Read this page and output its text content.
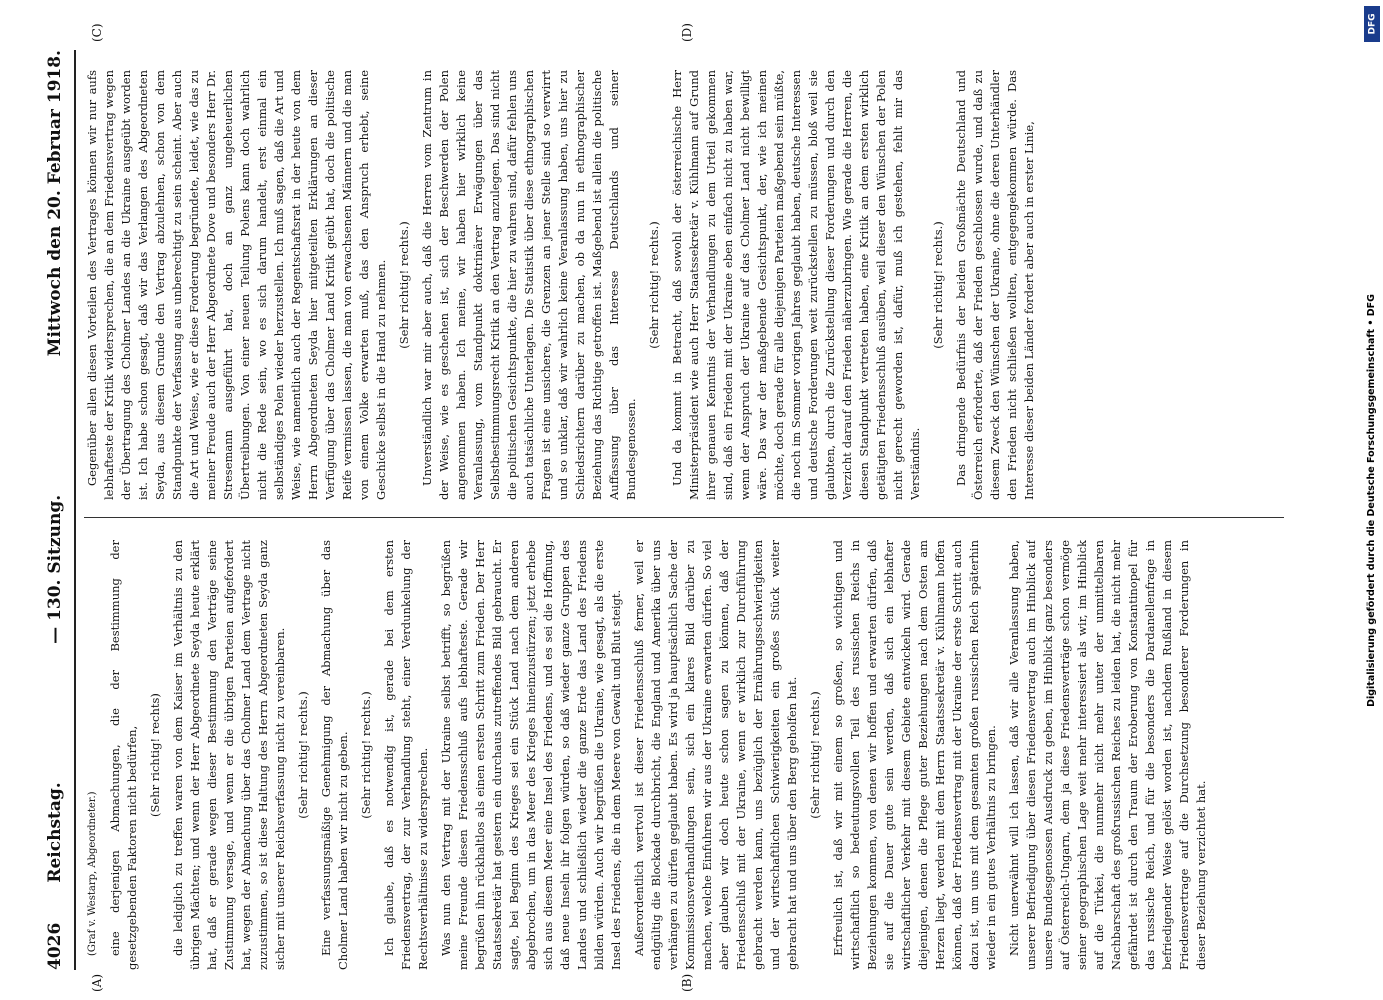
4026
Reichstag.
— 130. Sitzung.
Mittwoch den 20. Februar 1918.

(Graf v. Westarp, Abgeordneter.) eine derjenigen Abmachungen, die der Bestimmung der gesetzgebenden Faktoren nicht bedürfen, (Sehr richtig! rechts) die lediglich zu treffen waren von dem Kaiser im Verhältnis zu den übrigen Mächten; und wenn der Herr Abgeordnete Seyda heute erklärt hat, daß er gerade wegen dieser Bestimmung den Verträge seine Zustimmung versage, und wenn er die übrigen Parteien aufgefordert hat, wegen der Abmachung über das Cholmer Land dem Vertrage nicht zuzustimmen, so ist diese Haltung des Herrn Abgeordneten Seyda ganz sicher mit unserer Reichsverfassung nicht zu vereinbaren. (Sehr richtig! rechts.) Eine verfassungsmäßige Genehmigung der Abmachung über das Cholmer Land haben wir nicht zu geben. (Sehr richtig! rechts.) Ich glaube, daß es notwendig ist, gerade bei dem ersten Friedensvertrag, der zur Verhandlung steht, einer Verdunkelung der Rechtsverhältnisse zu widersprechen. Was nun den Vertrag mit der Ukraine selbst betrifft, so begrüßen meine Freunde diesen Friedensschluß aufs lebhafteste. Gerade wir begrüßen ihn rückhaltlos als einen ersten Schritt zum Frieden. Der Herr Staatssekretär hat gestern ein durchaus zutreffendes Bild gebraucht. Er sagte, bei Beginn des Krieges sei ein Stück Land nach dem anderen abgebrochen, um in das Meer des Krieges hineinzustürzen; jetzt erhebe sich aus diesem Meer eine Insel des Friedens, und es sei die Hoffnung, daß neue Inseln ihr folgen würden, so daß wieder ganze Gruppen des Landes und schließlich wieder die ganze Erde das Land des Friedens bilden würden. Auch wir begrüßen die Ukraine, wie gesagt, als die erste Insel des Friedens, die in dem Meere von Gewalt und Blut steigt. Außerordentlich wertvoll ist dieser Friedensschluß ferner, weil er endgültig die Blockade durchbricht, die England und Amerika über uns verhängen zu dürfen geglaubt haben. Es wird ja hauptsächlich Sache der Kommissionsverhandlungen sein, sich ein klares Bild darüber zu machen, welche Einfuhren wir aus der Ukraine erwarten dürfen. So viel aber glauben wir doch heute schon sagen zu können, daß der Friedensschluß mit der Ukraine, wenn er wirklich zur Durchführung gebracht werden kann, uns bezüglich der Ernährungsschwierigkeiten und der wirtschaftlichen Schwierigkeiten ein großes Stück weiter gebracht hat und uns über den Berg geholfen hat. (Sehr richtig! rechts.) Erfreulich ist, daß wir mit einem so großen, so wichtigen und wirtschaftlich so bedeutungsvollen Teil des russischen Reichs in Beziehungen kommen, von denen wir hoffen und erwarten dürfen, daß sie auf die Dauer gute sein werden, daß sich ein lebhafter wirtschaftlicher Verkehr mit diesem Gebiete entwickeln wird. Gerade diejenigen, denen die Pflege guter Beziehungen nach dem Osten am Herzen liegt, werden mit dem Herrn Staatssekretär v. Kühlmann hoffen können, daß der Friedensvertrag mit der Ukraine der erste Schritt auch dazu ist, um uns mit dem gesamten großen russischen Reich späterhin wieder in ein gutes Verhältnis zu bringen. Nicht unerwähnt will ich lassen, daß wir alle Veranlassung haben, unserer Befriedigung über diesen Friedensvertrag auch im Hinblick auf unsere Bundesgenossen Ausdruck zu geben, im Hinblick ganz besonders auf Österreich-Ungarn, dem ja diese Friedensverträge schon vermöge seiner geographischen Lage weit mehr interessiert als wir, im Hinblick auf die Türkei, die nunmehr nicht mehr unter der unmittelbaren Nachbarschaft des großrussischen Reiches zu leiden hat, die nicht mehr gefährdet ist durch den Traum der Eroberung von Konstantinopel für das russische Reich, und für die besonders die Dardanellenfrage in befriedigender Weise gelöst worden ist, nachdem Rußland in diesem Friedensvertrage auf die Durchsetzung besonderer Forderungen in dieser Beziehung verzichtet hat.

Gegenüber allen diesen Vorteilen des Vertrages können wir nur aufs lebhafteste der Kritik widersprechen, die an dem Friedensvertrag wegen der Übertragung des Cholmer Landes an die Ukraine ausgeübt worden ist. Ich habe schon gesagt, daß wir das Verlangen des Abgeordneten Seyda, aus diesem Grunde den Vertrag abzulehnen, schon von dem Standpunkte der Verfassung aus unberechtigt zu sein scheint. Aber auch die Art und Weise, wie er diese Forderung begründete, leidet, wie das zu meiner Freude auch der Herr Abgeordnete Dove und besonders Herr Dr. Stresemann ausgeführt hat, doch an ganz ungeheuerlichen Übertreibungen. Von einer neuen Teilung Polens kann doch wahrlich nicht die Rede sein, wo es sich darum handelt, erst einmal ein selbständiges Polen wieder herzustellen. Ich muß sagen, daß die Art und Weise, wie namentlich auch der Regentschaftsrat in der heute von dem Herrn Abgeordneten Seyda hier mitgeteilten Erklärungen an dieser Verfügung über das Cholmer Land Kritik geübt hat, doch die politische Reife vermissen lassen, die man von erwachsenen Männern und die man von einem Volke erwarten muß, das den Anspruch erhebt, seine Geschicke selbst in die Hand zu nehmen. (Sehr richtig! rechts.) Unverständlich war mir aber auch, daß die Herren vom Zentrum in der Weise, wie es geschehen ist, sich der Beschwerden der Polen angenommen haben. Ich meine, wir haben hier wirklich keine Veranlassung, vom Standpunkt doktrinärer Erwägungen über das Selbstbestimmungsrecht Kritik an den Vertrag anzulegen. Das sind nicht die politischen Gesichtspunkte, die hier zu wahren sind, dafür fehlen uns auch tatsächliche Unterlagen. Die Statistik über diese ethnographischen Fragen ist eine unsichere, die Grenzen an jener Stelle sind so verwirrt und so unklar, daß wir wahrlich keine Veranlassung haben, uns hier zu Schiedsrichtern darüber zu machen, ob da nun in ethnographischer Beziehung das Richtige getroffen ist. Maßgebend ist allein die politische Auffassung über das Interesse Deutschlands und seiner Bundesgenossen.

(Sehr richtig! rechts.) Und da kommt in Betracht, daß sowohl der österreichische Herr Ministerpräsident wie auch Herr Staatssekretär v. Kühlmann auf Grund ihrer genauen Kenntnis der Verhandlungen zu dem Urteil gekommen sind, daß ein Frieden mit der Ukraine eben einfach nicht zu haben war, wenn der Anspruch der Ukraine auf das Cholmer Land nicht bewilligt wäre. Das war der maßgebende Gesichtspunkt, der, wie ich meinen möchte, doch gerade für alle diejenigen Parteien maßgebend sein müßte, die noch im Sommer vorigen Jahres geglaubt haben, deutsche Interessen und deutsche Forderungen weit zurückstellen zu müssen, bloß weil sie glaubten, durch die Zurückstellung dieser Forderungen und durch den Verzicht darauf den Frieden näherzubringen. Wie gerade die Herren, die diesen Standpunkt vertreten haben, eine Kritik an dem ersten wirklich getätigten Friedensschluß ausüben, weil dieser den Wünschen der Polen nicht gerecht geworden ist, dafür, muß ich gestehen, fehlt mir das Verständnis.

(Sehr richtig! rechts.) Das dringende Bedürfnis der beiden Großmächte Deutschland und Österreich erforderte, daß der Frieden geschlossen wurde, und daß zu diesem Zweck den Wünschen der Ukraine, ohne die deren Unterhändler den Frieden nicht schließen wollten, entgegengekommen würde. Das Interesse dieser beiden Länder fordert aber auch in erster Linie,

(A)	(B)
(C)	(D)	DFG
Digitalisierung gefördert durch die Deutsche Forschungsgemeinschaft • DFG
